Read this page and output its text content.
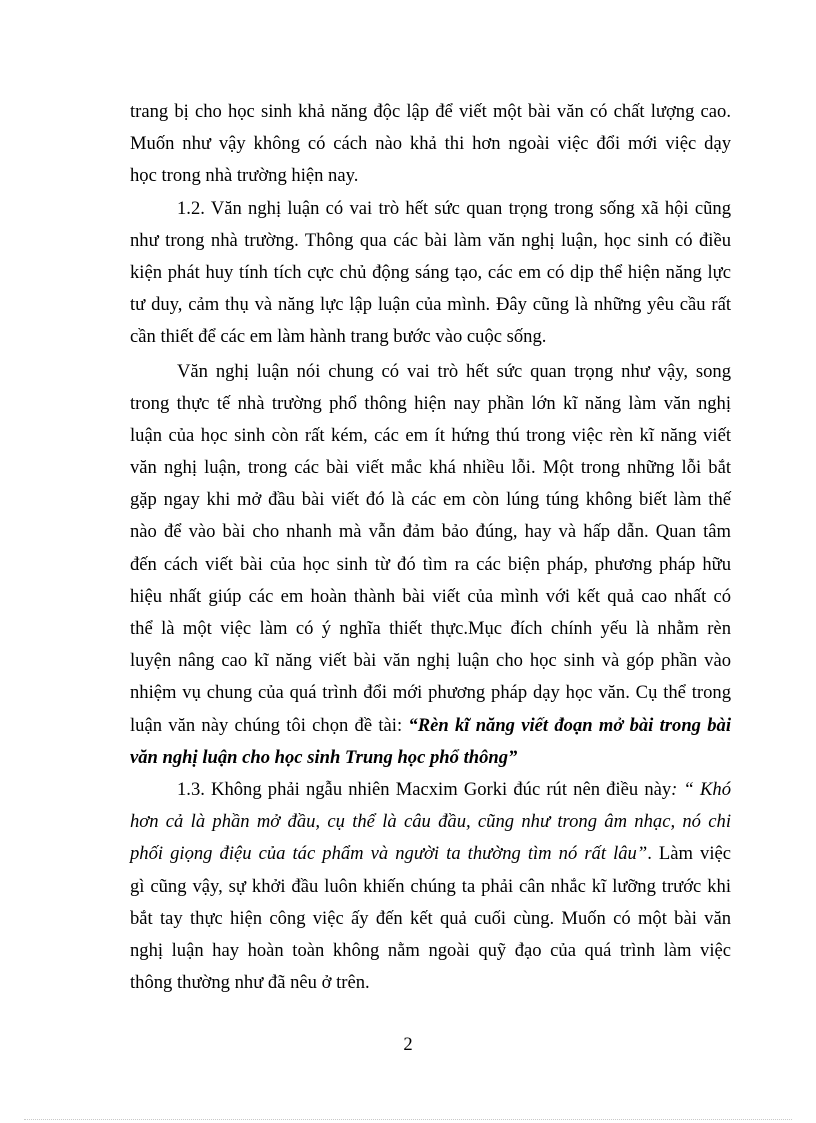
trang bị cho học sinh khả năng độc lập để viết một bài văn có chất lượng cao.
Muốn như vậy không có cách nào khả thi hơn ngoài việc đổi mới việc dạy
học trong nhà trường hiện nay.
1.2. Văn nghị luận có vai trò hết sức quan trọng trong sống xã hội cũng
như trong nhà trường. Thông qua các bài làm văn nghị luận, học sinh có điều
kiện phát huy tính tích cực chủ động sáng tạo, các em có dịp thể hiện năng lực
tư duy, cảm thụ và năng lực lập luận của mình. Đây cũng là những yêu cầu rất
cần thiết để các em làm hành trang bước vào cuộc sống.
Văn nghị luận nói chung có vai trò hết sức quan trọng như vậy, song
trong thực tế nhà trường phổ thông hiện nay phần lớn kĩ năng làm văn nghị
luận của học sinh còn rất kém, các em ít hứng thú trong việc rèn kĩ năng viết
văn nghị luận, trong các bài viết mắc khá nhiều lỗi. Một trong những lỗi bắt
gặp ngay khi mở đầu bài viết đó là các em còn lúng túng không biết làm thế
nào để vào bài cho nhanh mà vẫn đảm bảo đúng, hay và hấp dẫn. Quan tâm
đến cách viết bài của học sinh từ đó tìm ra các biện pháp, phương pháp hữu
hiệu nhất giúp các em hoàn thành bài viết của mình với kết quả cao nhất có
thể là một việc làm có ý nghĩa thiết thực.Mục đích chính yếu là nhằm rèn
luyện nâng cao kĩ năng viết bài văn nghị luận cho học sinh và góp phần vào
nhiệm vụ chung của quá trình đổi mới phương pháp dạy học văn. Cụ thể trong
luận văn này chúng tôi chọn đề tài: “Rèn kĩ năng viết đoạn mở bài trong bài
văn nghị luận cho học sinh Trung học phổ thông”
1.3. Không phải ngẫu nhiên Macxim Gorki đúc rút nên điều này: “ Khó
hơn cả là phần mở đầu, cụ thể là câu đầu, cũng như trong âm nhạc, nó chi
phối giọng điệu của tác phẩm và người ta thường tìm nó rất lâu”. Làm việc
gì cũng vậy, sự khởi đầu luôn khiến chúng ta phải cân nhắc kĩ lưỡng trước khi
bắt tay thực hiện công việc ấy đến kết quả cuối cùng. Muốn có một bài văn
nghị luận hay hoàn toàn không nằm ngoài quỹ đạo của quá trình làm việc
thông thường như đã nêu ở trên.
2
